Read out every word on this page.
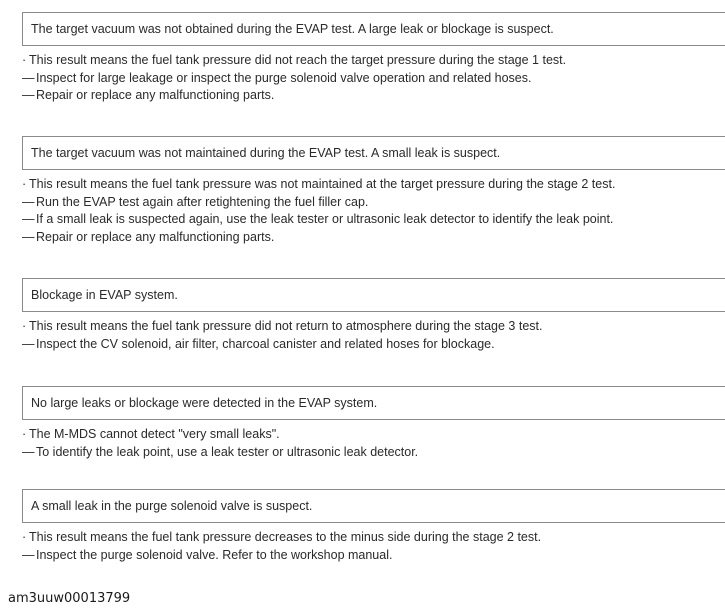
The target vacuum was not obtained during the EVAP test. A large leak or blockage is suspect.
· This result means the fuel tank pressure did not reach the target pressure during the stage 1 test.
— Inspect for large leakage or inspect the purge solenoid valve operation and related hoses.
— Repair or replace any malfunctioning parts.
The target vacuum was not maintained during the EVAP test. A small leak is suspect.
· This result means the fuel tank pressure was not maintained at the target pressure during the stage 2 test.
— Run the EVAP test again after retightening the fuel filler cap.
— If a small leak is suspected again, use the leak tester or ultrasonic leak detector to identify the leak point.
— Repair or replace any malfunctioning parts.
Blockage in EVAP system.
· This result means the fuel tank pressure did not return to atmosphere during the stage 3 test.
— Inspect the CV solenoid, air filter, charcoal canister and related hoses for blockage.
No large leaks or blockage were detected in the EVAP system.
· The M-MDS cannot detect "very small leaks".
— To identify the leak point, use a leak tester or ultrasonic leak detector.
A small leak in the purge solenoid valve is suspect.
· This result means the fuel tank pressure decreases to the minus side during the stage 2 test.
— Inspect the purge solenoid valve. Refer to the workshop manual.
am3uuw00013799
